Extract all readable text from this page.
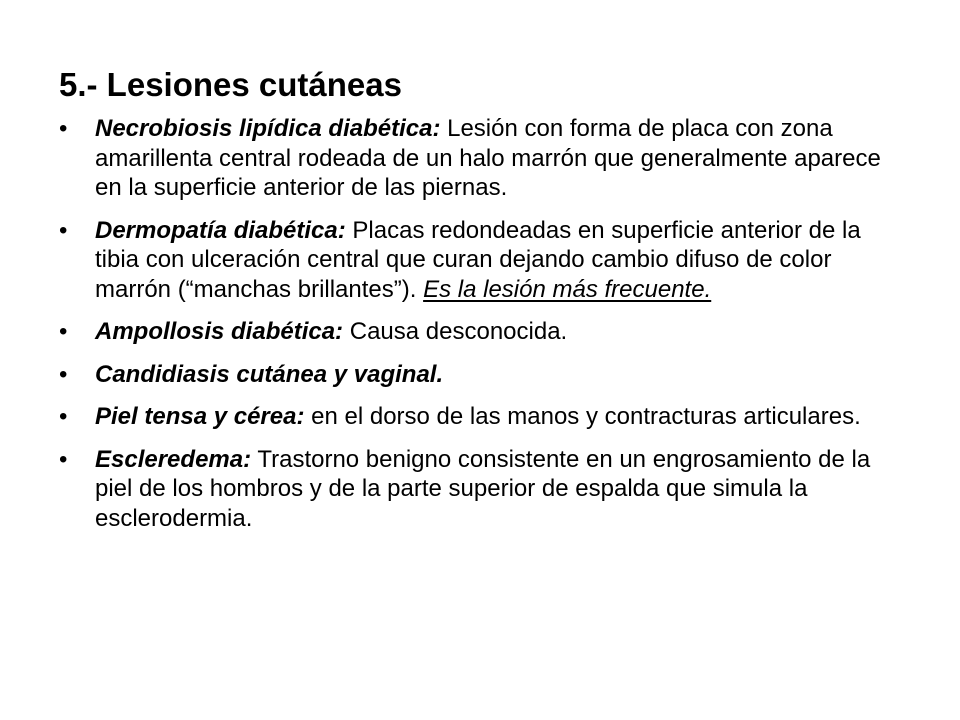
5.- Lesiones cutáneas
•	Necrobiosis lipídica diabética: Lesión con forma de placa con zona amarillenta central rodeada de un halo marrón que generalmente aparece en la superficie anterior de las piernas.
•	Dermopatía diabética: Placas redondeadas en superficie anterior de la tibia con ulceración central que curan dejando cambio difuso de color marrón (“manchas brillantes”). Es la lesión más frecuente.
•	Ampollosis diabética: Causa desconocida.
•	Candidiasis cutánea y vaginal.
•	Piel tensa y cérea: en el dorso de las manos y contracturas articulares.
•	Escleredema: Trastorno benigno consistente en un engrosamiento de la piel de los hombros y de la parte superior de espalda que simula la esclerodermia.
